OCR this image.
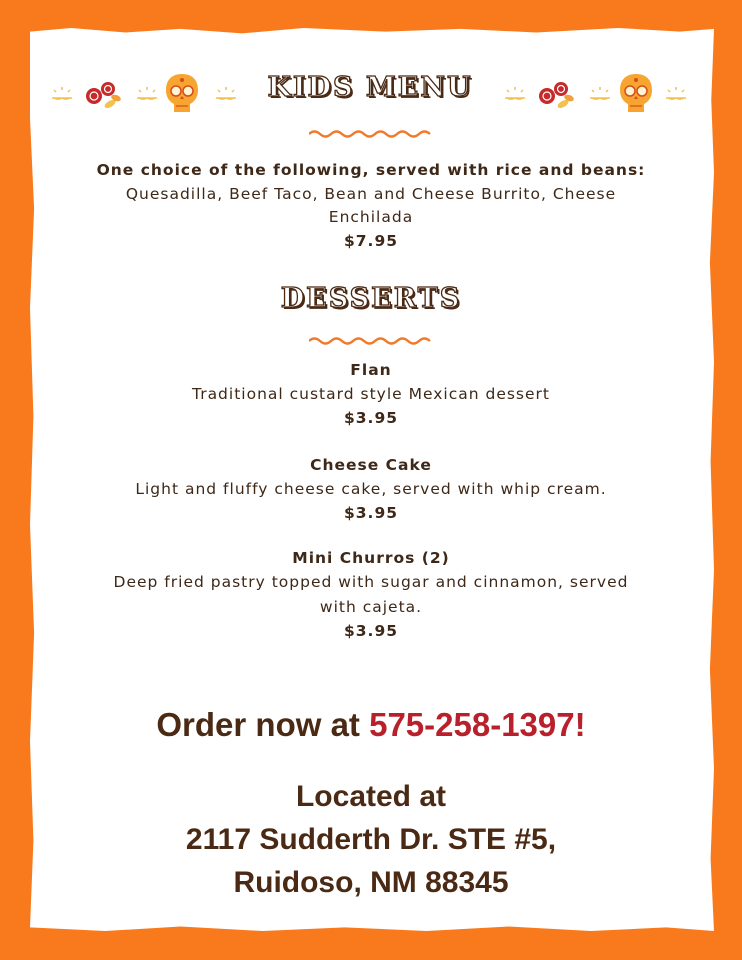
KIDS MENU
One choice of the following, served with rice and beans:
Quesadilla, Beef Taco, Bean and Cheese Burrito, Cheese
Enchilada
$7.95
DESSERTS
Flan
Traditional custard style Mexican dessert
$3.95
Cheese Cake
Light and fluffy cheese cake, served with whip cream.
$3.95
Mini Churros (2)
Deep fried pastry topped with sugar and cinnamon, served
with cajeta.
$3.95
Order now at 575-258-1397!
Located at
2117 Sudderth Dr. STE #5,
Ruidoso, NM 88345
